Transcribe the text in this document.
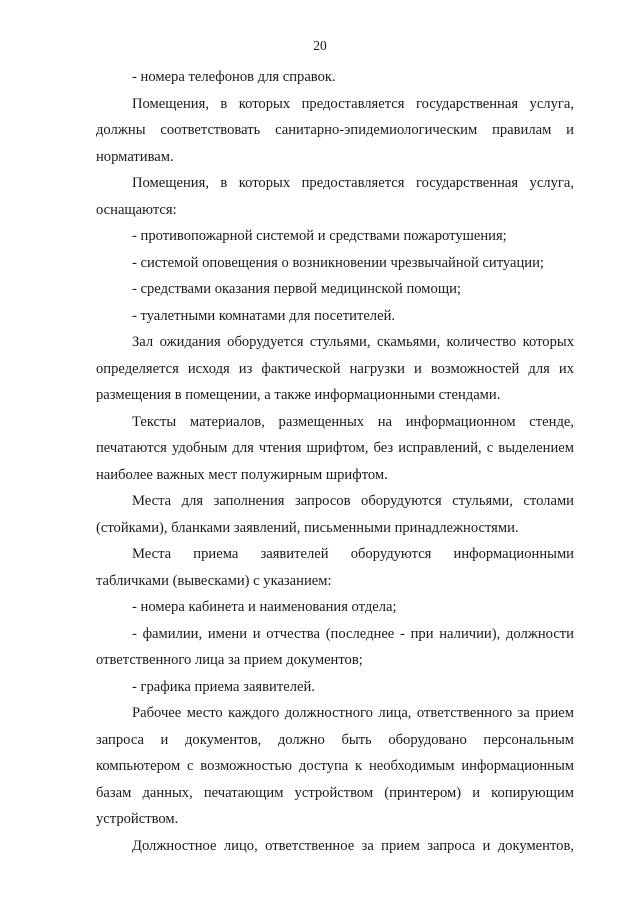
20

- номера телефонов для справок.

Помещения, в которых предоставляется государственная услуга, должны соответствовать санитарно-эпидемиологическим правилам и нормативам.

Помещения, в которых предоставляется государственная услуга, оснащаются:

- противопожарной системой и средствами пожаротушения;

- системой оповещения о возникновении чрезвычайной ситуации;

- средствами оказания первой медицинской помощи;

- туалетными комнатами для посетителей.

Зал ожидания оборудуется стульями, скамьями, количество которых определяется исходя из фактической нагрузки и возможностей для их размещения в помещении, а также информационными стендами.

Тексты материалов, размещенных на информационном стенде, печатаются удобным для чтения шрифтом, без исправлений, с выделением наиболее важных мест полужирным шрифтом.

Места для заполнения запросов оборудуются стульями, столами (стойками), бланками заявлений, письменными принадлежностями.

Места приема заявителей оборудуются информационными табличками (вывесками) с указанием:

- номера кабинета и наименования отдела;

- фамилии, имени и отчества (последнее - при наличии), должности ответственного лица за прием документов;

- графика приема заявителей.

Рабочее место каждого должностного лица, ответственного за прием запроса и документов, должно быть оборудовано персональным компьютером с возможностью доступа к необходимым информационным базам данных, печатающим устройством (принтером) и копирующим устройством.

Должностное лицо, ответственное за прием запроса и документов,
